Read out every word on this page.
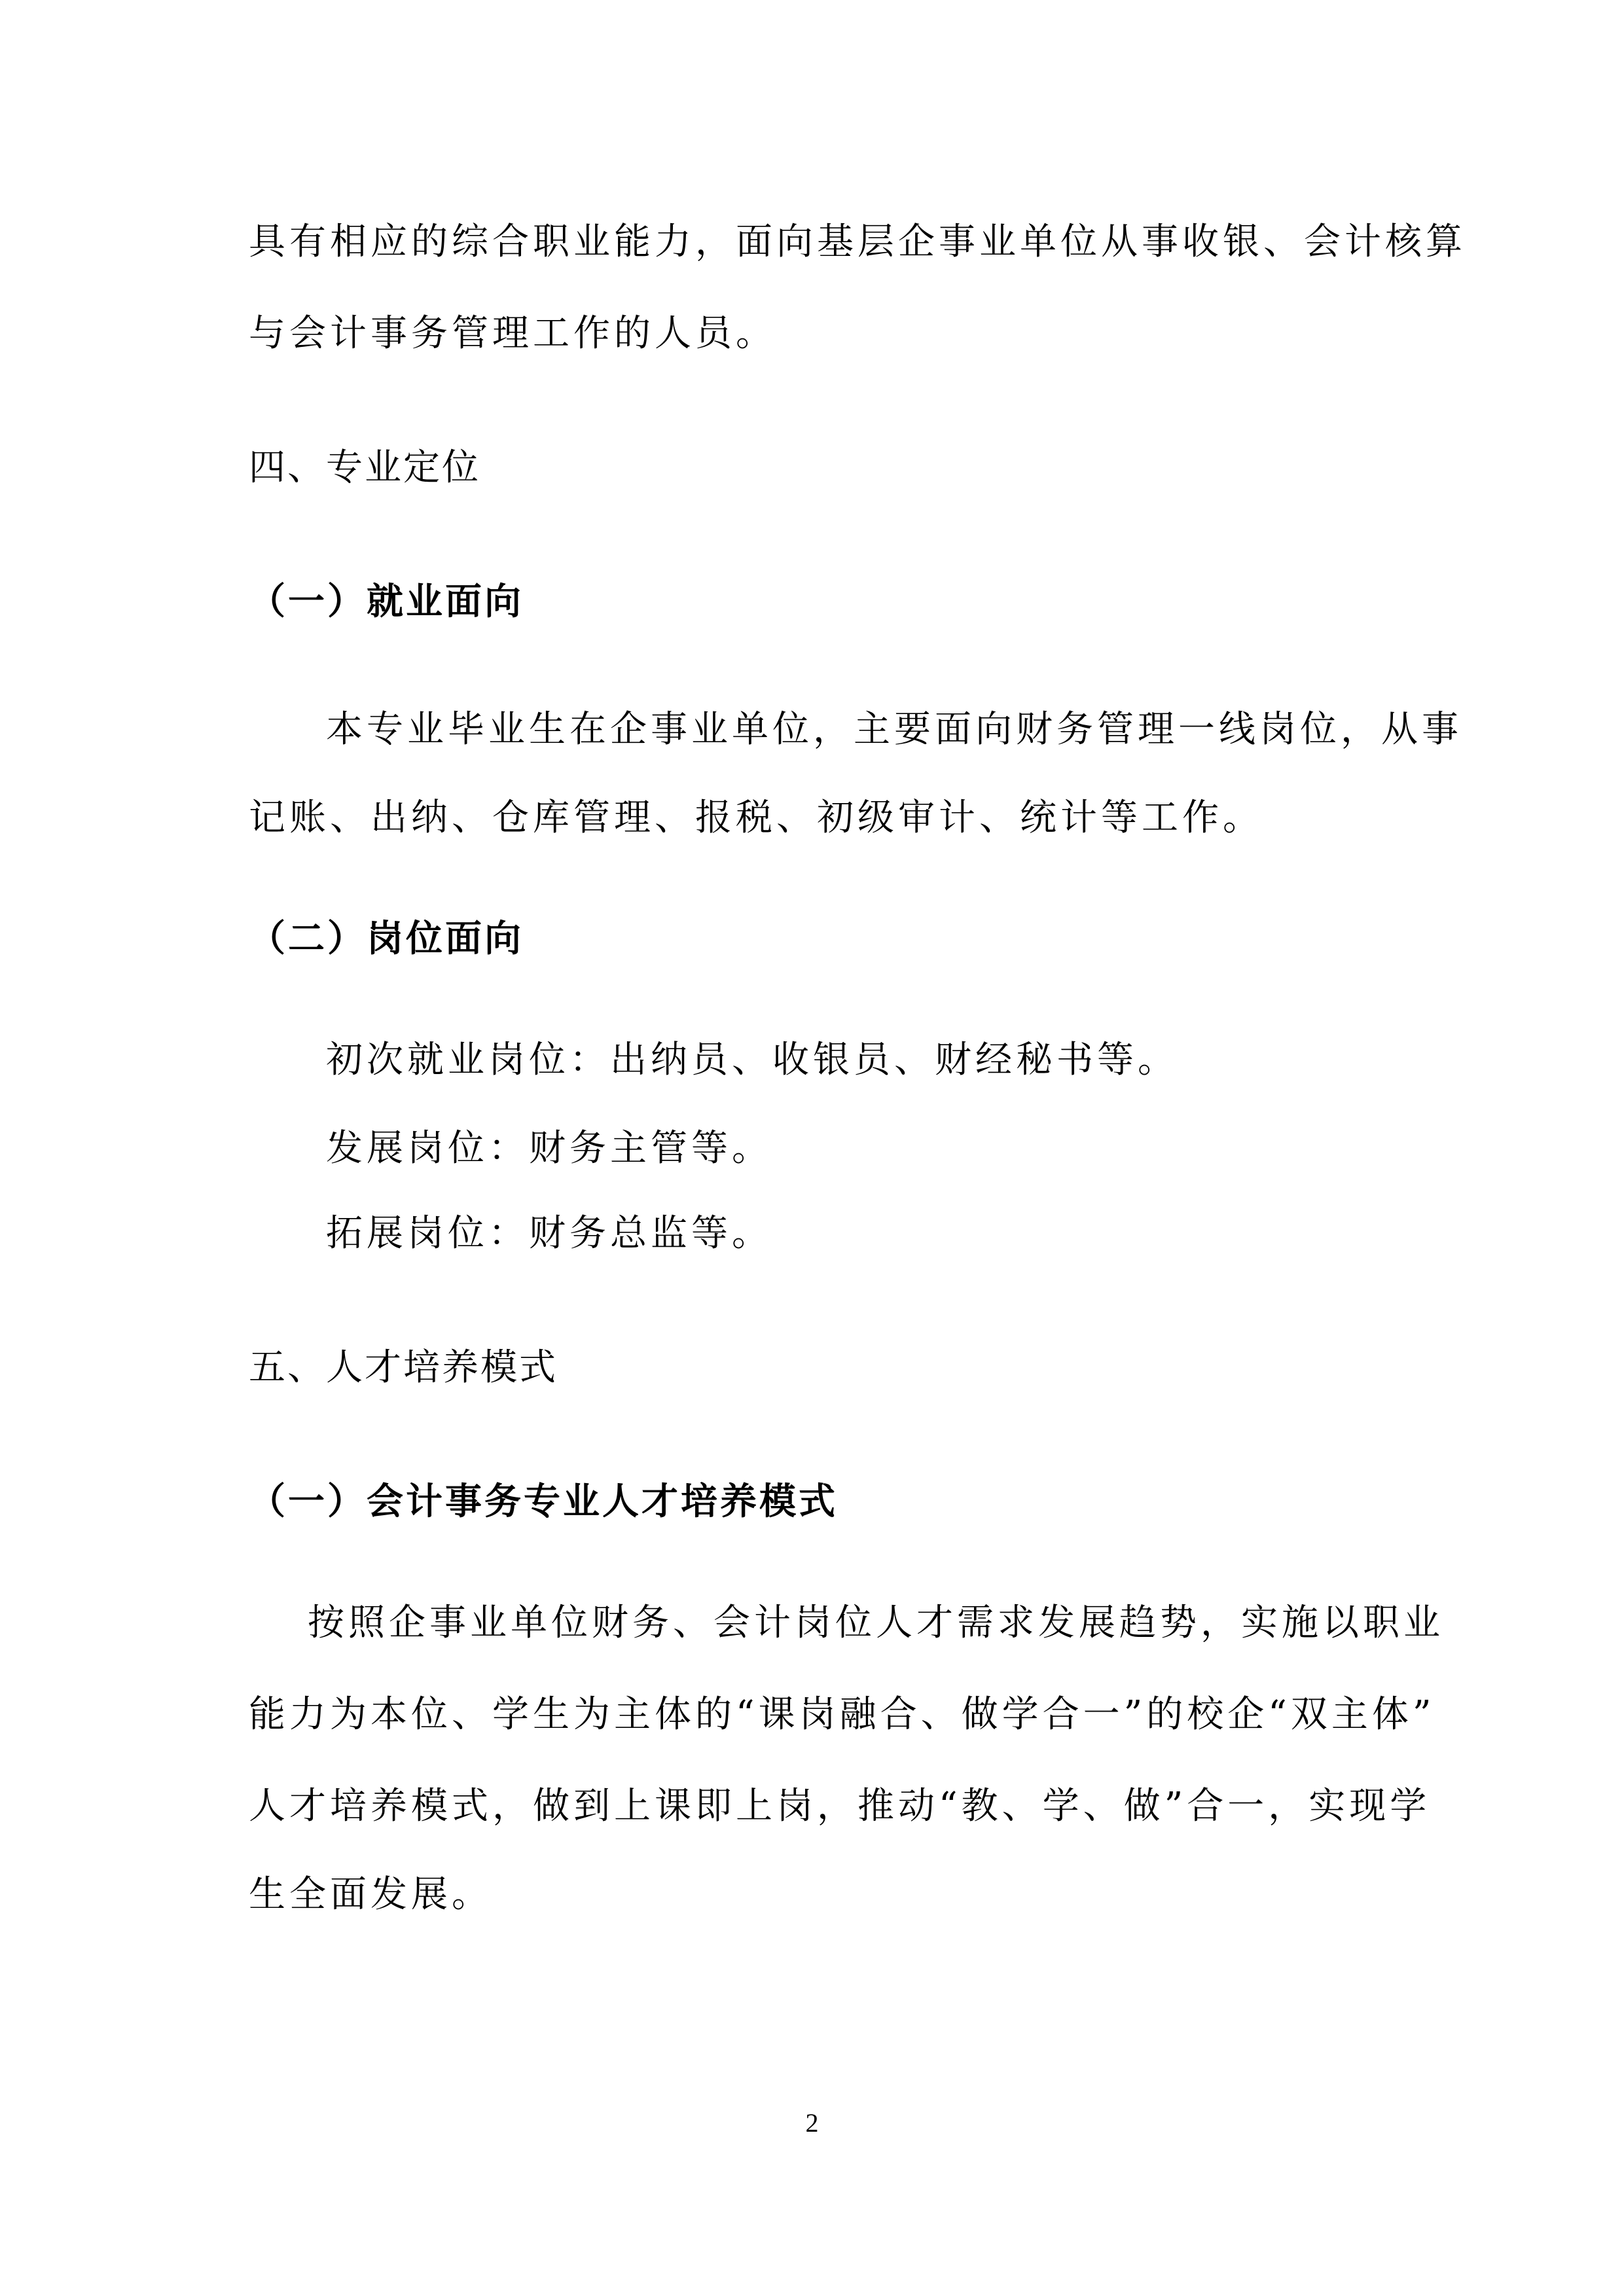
具有相应的综合职业能力，面向基层企事业单位从事收银、会计核算

与会计事务管理工作的人员。

四、专业定位

（一）就业面向

本专业毕业生在企事业单位，主要面向财务管理一线岗位，从事

记账、出纳、仓库管理、报税、初级审计、统计等工作。

（二）岗位面向

初次就业岗位：出纳员、收银员、财经秘书等。

发展岗位：财务主管等。

拓展岗位：财务总监等。

五、人才培养模式

（一）会计事务专业人才培养模式

按照企事业单位财务、会计岗位人才需求发展趋势，实施以职业

能力为本位、学生为主体的“课岗融合、做学合一”的校企“双主体”

人才培养模式，做到上课即上岗，推动“教、学、做”合一，实现学

生全面发展。

2
